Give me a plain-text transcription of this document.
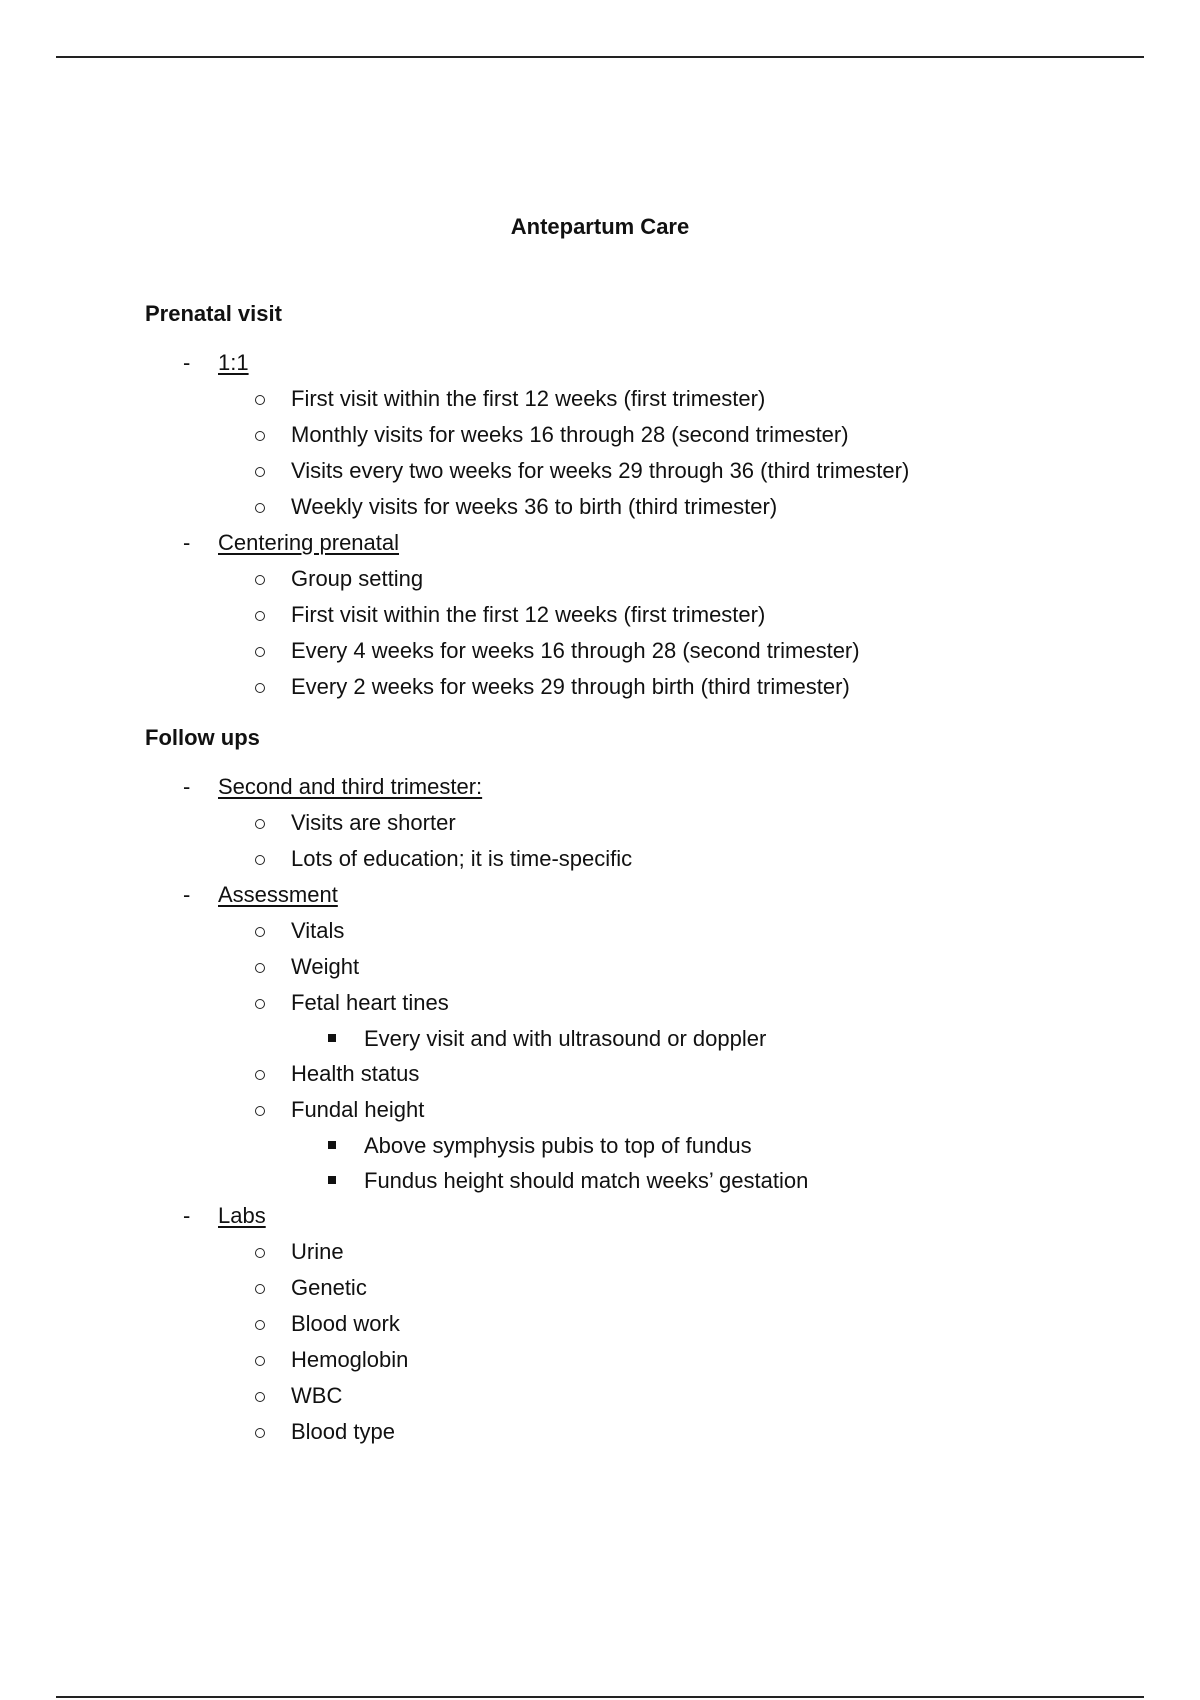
Antepartum Care
Prenatal visit
- 1:1
First visit within the first 12 weeks (first trimester)
Monthly visits for weeks 16 through 28 (second trimester)
Visits every two weeks for weeks 29 through 36 (third trimester)
Weekly visits for weeks 36 to birth (third trimester)
- Centering prenatal
Group setting
First visit within the first 12 weeks (first trimester)
Every 4 weeks for weeks 16 through 28 (second trimester)
Every 2 weeks for weeks 29 through birth (third trimester)
Follow ups
- Second and third trimester:
Visits are shorter
Lots of education; it is time-specific
- Assessment
Vitals
Weight
Fetal heart tines
Every visit and with ultrasound or doppler
Health status
Fundal height
Above symphysis pubis to top of fundus
Fundus height should match weeks’ gestation
- Labs
Urine
Genetic
Blood work
Hemoglobin
WBC
Blood type
